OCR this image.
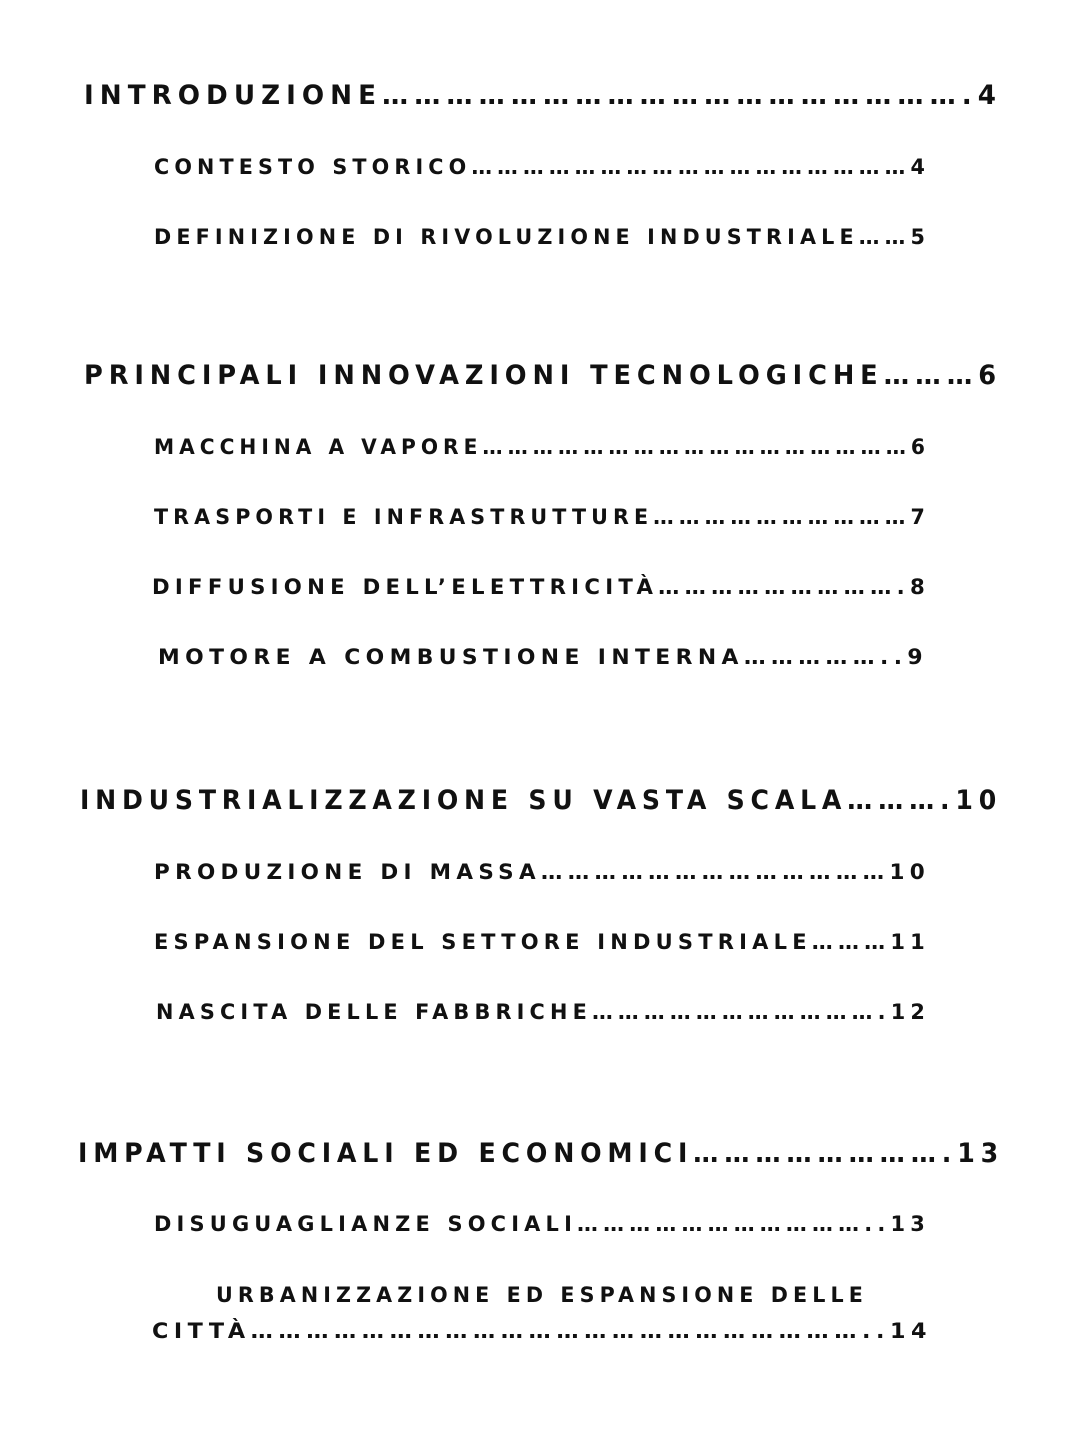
INTRODUZIONE……………………………………………….4
CONTESTO STORICO……………………………………………4
DEFINIZIONE DI RIVOLUZIONE INDUSTRIALE……5
PRINCIPALI INNOVAZIONI TECNOLOGICHE………6
MACCHINA A VAPORE……………………………………………6
TRASPORTI E INFRASTRUTTURE…………………………7
DIFFUSIONE DELL’ELETTRICITÀ……………………….8
MOTORE A COMBUSTIONE INTERNA……………..9
INDUSTRIALIZZAZIONE SU VASTA SCALA……….10
PRODUZIONE DI MASSA…………………………………10
ESPANSIONE DEL SETTORE INDUSTRIALE………11
NASCITA DELLE FABBRICHE…………………………….12
IMPATTI SOCIALI ED ECONOMICI…………………….13
DISUGUAGLIANZE SOCIALI……………………………..13
URBANIZZAZIONE ED ESPANSIONE DELLE
CITTÀ…………………………………………………………..14
